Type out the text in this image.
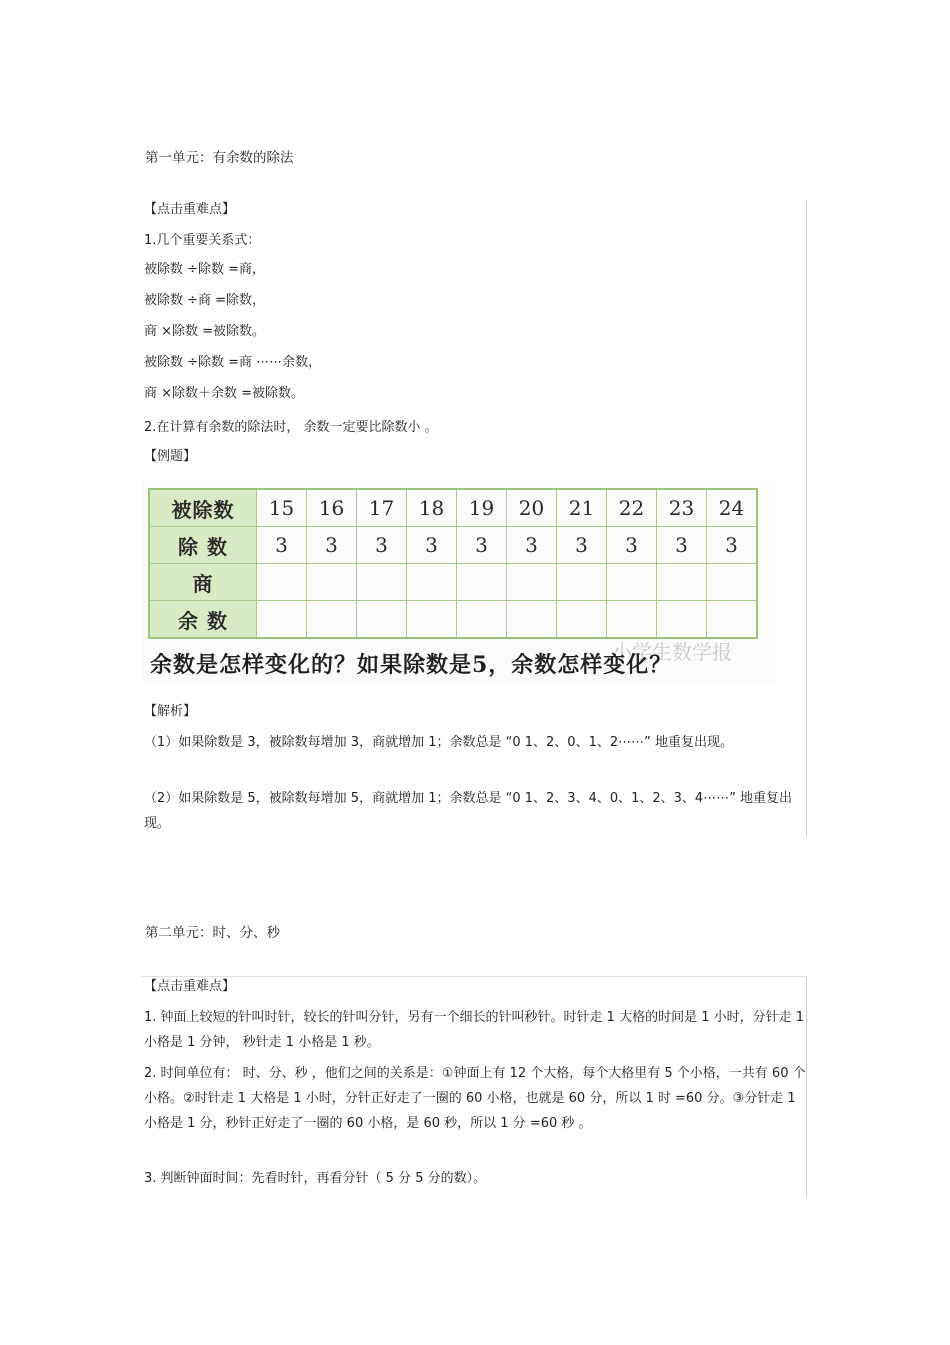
第一单元：有余数的除法
【点击重难点】
1.几个重要关系式：
被除数 ÷除数 =商，
被除数 ÷商 =除数，
商 ×除数 =被除数。
被除数 ÷除数 =商 ⋯⋯余数，
商 ×除数＋余数 =被除数。
2.在计算有余数的除法时， 余数一定要比除数小 。
【例题】
【解析】
（1）如果除数是 3，被除数每增加 3，商就增加 1；余数总是 “0 1、2、0、1、2⋯⋯” 地重复出现。
（2）如果除数是 5，被除数每增加 5，商就增加 1；余数总是 “0 1、2、3、4、0、1、2、3、4⋯⋯” 地重复出现。
被除数	15	16	17	18	19	20	21	22	23	24
除 数	3	3	3	3	3	3	3	3	3	3
商										
余 数										
小学生数学报
余数是怎样变化的？如果除数是5，余数怎样变化？
第二单元：时、分、秒
【点击重难点】
1. 钟面上较短的针叫时针，较长的针叫分针，另有一个细长的针叫秒针。时针走 1 大格的时间是 1 小时，分针走 1 小格是 1 分钟， 秒针走 1 小格是 1 秒。
2. 时间单位有： 时、分、秒 ，他们之间的关系是：①钟面上有 12 个大格，每个大格里有 5 个小格，一共有 60 个小格。②时针走 1 大格是 1 小时，分针正好走了一圈的 60 小格，也就是 60 分，所以 1 时 =60 分。③分针走 1 小格是 1 分，秒针正好走了一圈的 60 小格，是 60 秒，所以 1 分 =60 秒 。
3. 判断钟面时间：先看时针，再看分针（ 5 分 5 分的数）。
